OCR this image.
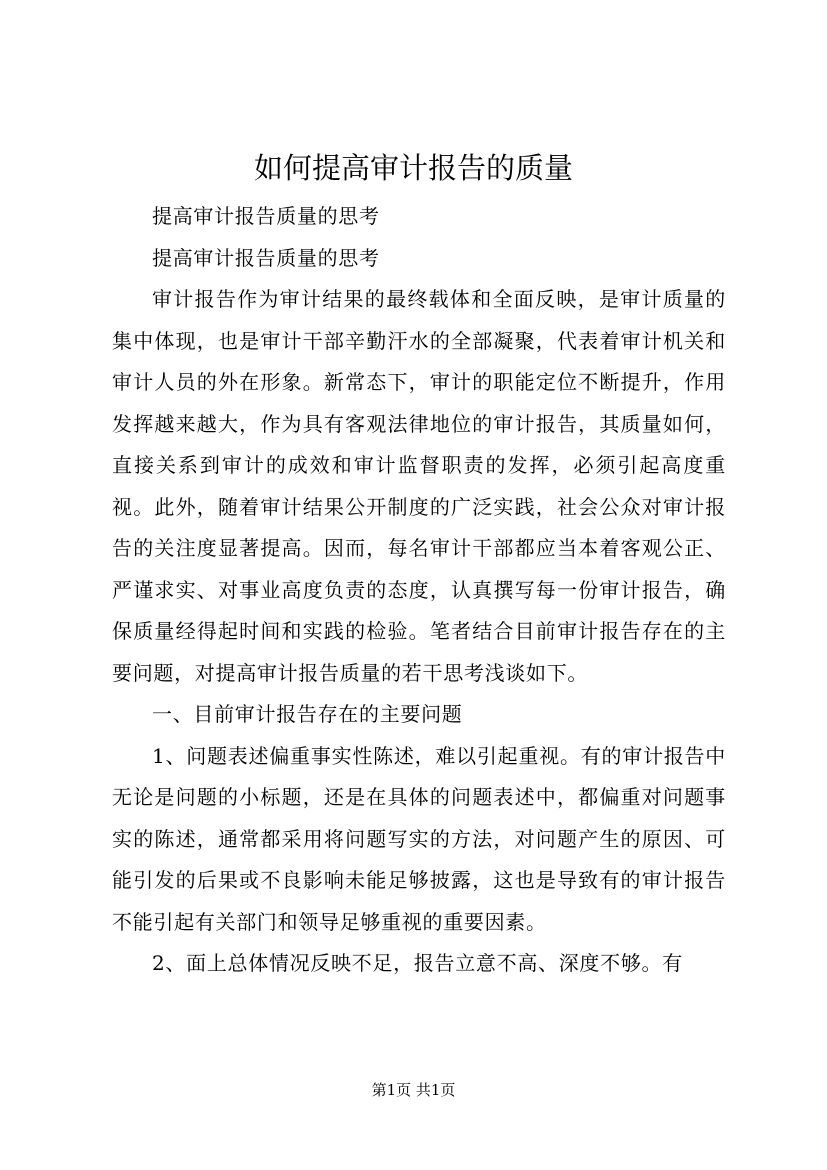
如何提高审计报告的质量

提高审计报告质量的思考

提高审计报告质量的思考

审计报告作为审计结果的最终载体和全面反映，是审计质量的集中体现，也是审计干部辛勤汗水的全部凝聚，代表着审计机关和审计人员的外在形象。新常态下，审计的职能定位不断提升，作用发挥越来越大，作为具有客观法律地位的审计报告，其质量如何，直接关系到审计的成效和审计监督职责的发挥，必须引起高度重视。此外，随着审计结果公开制度的广泛实践，社会公众对审计报告的关注度显著提高。因而，每名审计干部都应当本着客观公正、严谨求实、对事业高度负责的态度，认真撰写每一份审计报告，确保质量经得起时间和实践的检验。笔者结合目前审计报告存在的主要问题，对提高审计报告质量的若干思考浅谈如下。

一、目前审计报告存在的主要问题

1、问题表述偏重事实性陈述，难以引起重视。有的审计报告中无论是问题的小标题，还是在具体的问题表述中，都偏重对问题事实的陈述，通常都采用将问题写实的方法，对问题产生的原因、可能引发的后果或不良影响未能足够披露，这也是导致有的审计报告不能引起有关部门和领导足够重视的重要因素。

2、面上总体情况反映不足，报告立意不高、深度不够。有

第1页 共1页
